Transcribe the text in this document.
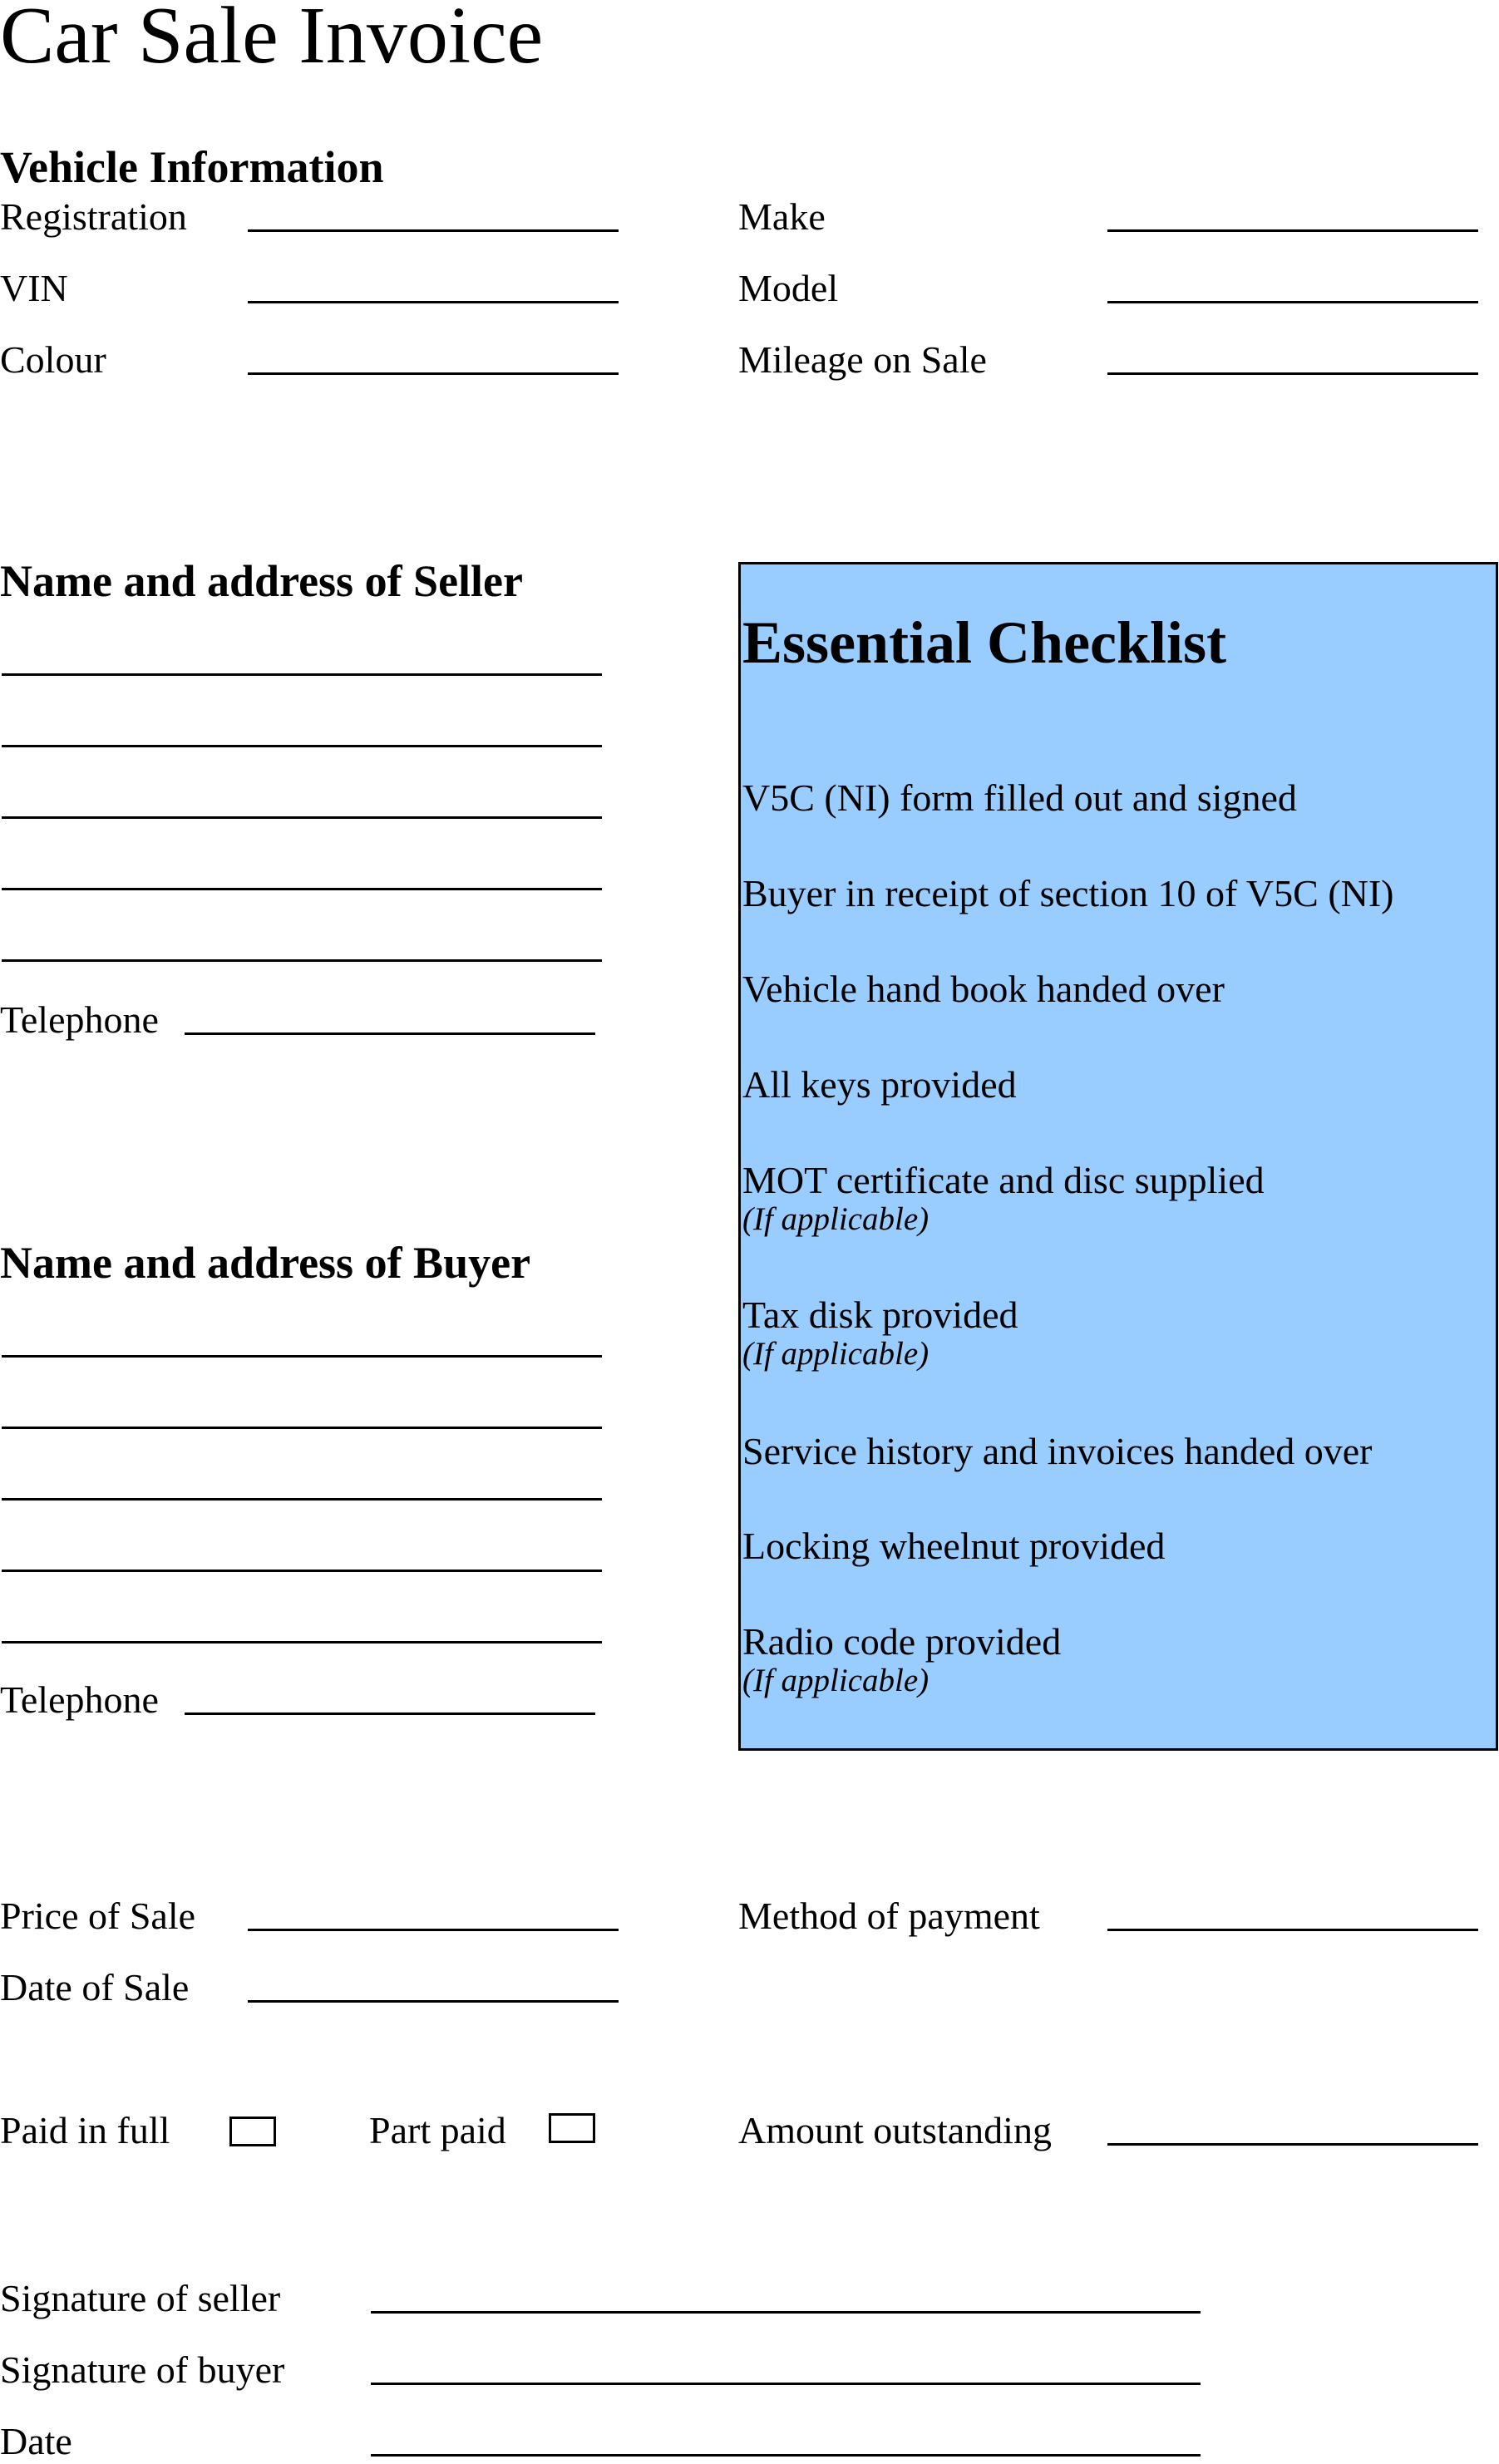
Car Sale Invoice
Vehicle Information
Registration
VIN
Colour
Make
Model
Mileage on Sale
Name and address of Seller
Telephone
Name and address of Buyer
Telephone
Essential Checklist
V5C (NI) form filled out and signed
Buyer in receipt of section 10 of V5C (NI)
Vehicle hand book handed over
All keys provided
MOT certificate and disc supplied
(If applicable)
Tax disk provided
(If applicable)
Service history and invoices handed over
Locking wheelnut provided
Radio code provided
(If applicable)
Price of Sale
Date of Sale
Method of payment
Paid in full	Part paid	Amount outstanding
Signature of seller
Signature of buyer
Date
